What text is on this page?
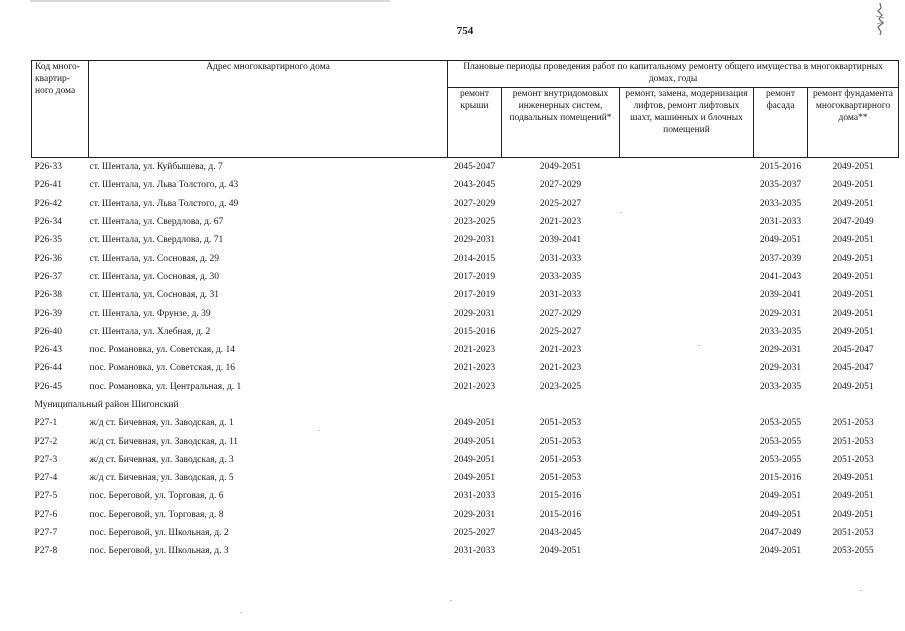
754
Код много-квартир-ного дома	Адрес многоквартирного дома	Плановые периоды проведения работ по капитальному ремонту общего имущества в многоквартирных домах, годы				
		ремонт крыши	ремонт внутридомовых инженерных систем, подвальных помещений*	ремонт, замена, модернизация лифтов, ремонт лифтовых шахт, машинных и блочных помещений	ремонт фасада	ремонт фундамента многоквартирного дома**
Р26-33	ст. Шентала, ул. Куйбышева, д. 7	2045-2047	2049-2051		2015-2016	2049-2051
Р26-41	ст. Шентала, ул. Льва Толстого, д. 43	2043-2045	2027-2029		2035-2037	2049-2051
Р26-42	ст. Шентала, ул. Льва Толстого, д. 49	2027-2029	2025-2027		2033-2035	2049-2051
Р26-34	ст. Шентала, ул. Свердлова, д. 67	2023-2025	2021-2023		2031-2033	2047-2049
Р26-35	ст. Шентала, ул. Свердлова, д. 71	2029-2031	2039-2041		2049-2051	2049-2051
Р26-36	ст. Шентала, ул. Сосновая, д. 29	2014-2015	2031-2033		2037-2039	2049-2051
Р26-37	ст. Шентала, ул. Сосновая, д. 30	2017-2019	2033-2035		2041-2043	2049-2051
Р26-38	ст. Шентала, ул. Сосновая, д. 31	2017-2019	2031-2033		2039-2041	2049-2051
Р26-39	ст. Шентала, ул. Фрунзе, д. 39	2029-2031	2027-2029		2029-2031	2049-2051
Р26-40	ст. Шентала, ул. Хлебная, д. 2	2015-2016	2025-2027		2033-2035	2049-2051
Р26-43	пос. Романовка, ул. Советская, д. 14	2021-2023	2021-2023		2029-2031	2045-2047
Р26-44	пос. Романовка, ул. Советская, д. 16	2021-2023	2021-2023		2029-2031	2045-2047
Р26-45	пос. Романовка, ул. Центральная, д. 1	2021-2023	2023-2025		2033-2035	2049-2051
Муниципальный район Шигонский						
Р27-1	ж/д ст. Бичевная, ул. Заводская, д. 1	2049-2051	2051-2053		2053-2055	2051-2053
Р27-2	ж/д ст. Бичевная, ул. Заводская, д. 11	2049-2051	2051-2053		2053-2055	2051-2053
Р27-3	ж/д ст. Бичевная, ул. Заводская, д. 3	2049-2051	2051-2053		2053-2055	2051-2053
Р27-4	ж/д ст. Бичевная, ул. Заводская, д. 5	2049-2051	2051-2053		2015-2016	2049-2051
Р27-5	пос. Береговой, ул. Торговая, д. 6	2031-2033	2015-2016		2049-2051	2049-2051
Р27-6	пос. Береговой, ул. Торговая, д. 8	2029-2031	2015-2016		2049-2051	2049-2051
Р27-7	пос. Береговой, ул. Школьная, д. 2	2025-2027	2043-2045		2047-2049	2051-2053
Р27-8	пос. Береговой, ул. Школьная, д. 3	2031-2033	2049-2051		2049-2051	2053-2055
